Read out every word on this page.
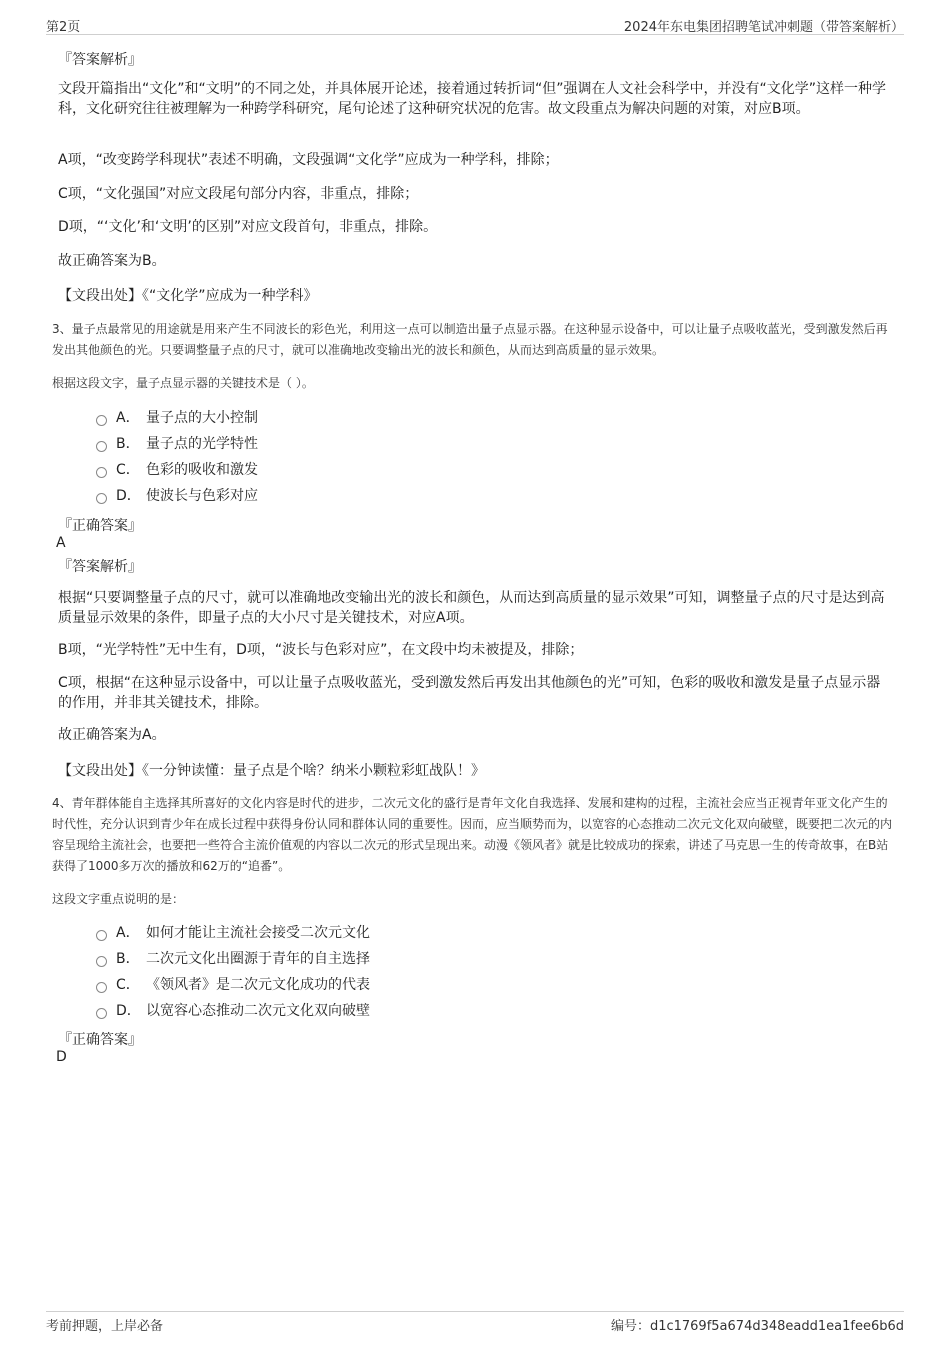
第2页	2024年东电集团招聘笔试冲刺题（带答案解析）
『答案解析』

文段开篇指出“文化”和“文明”的不同之处，并具体展开论述，接着通过转折词“但”强调在人文社会科学中，并没有“文化学”这样一种学科，文化研究往往被理解为一种跨学科研究，尾句论述了这种研究状况的危害。故文段重点为解决问题的对策，对应B项。

A项，“改变跨学科现状”表述不明确，文段强调“文化学”应成为一种学科，排除；

C项，“文化强国”对应文段尾句部分内容，非重点，排除；

D项，“‘文化’和‘文明’的区别”对应文段首句，非重点，排除。

故正确答案为B。

【文段出处】《“文化学”应成为一种学科》

3、量子点最常见的用途就是用来产生不同波长的彩色光，利用这一点可以制造出量子点显示器。在这种显示设备中，可以让量子点吸收蓝光，受到激发然后再发出其他颜色的光。只要调整量子点的尺寸，就可以准确地改变输出光的波长和颜色，从而达到高质量的显示效果。

根据这段文字，量子点显示器的关键技术是（ ）。
A． 量子点的大小控制
B． 量子点的光学特性
C． 色彩的吸收和激发
D． 使波长与色彩对应
『正确答案』
A
『答案解析』

根据“只要调整量子点的尺寸，就可以准确地改变输出光的波长和颜色，从而达到高质量的显示效果”可知，调整量子点的尺寸是达到高质量显示效果的条件，即量子点的大小尺寸是关键技术，对应A项。

B项，“光学特性”无中生有，D项，“波长与色彩对应”，在文段中均未被提及，排除；

C项，根据“在这种显示设备中，可以让量子点吸收蓝光，受到激发然后再发出其他颜色的光”可知，色彩的吸收和激发是量子点显示器的作用，并非其关键技术，排除。

故正确答案为A。

【文段出处】《一分钟读懂：量子点是个啥？纳米小颗粒彩虹战队！》

4、青年群体能自主选择其所喜好的文化内容是时代的进步，二次元文化的盛行是青年文化自我选择、发展和建构的过程，主流社会应当正视青年亚文化产生的时代性，充分认识到青少年在成长过程中获得身份认同和群体认同的重要性。因而，应当顺势而为，以宽容的心态推动二次元文化双向破壁，既要把二次元的内容呈现给主流社会，也要把一些符合主流价值观的内容以二次元的形式呈现出来。动漫《领风者》就是比较成功的探索，讲述了马克思一生的传奇故事，在B站获得了1000多万次的播放和62万的“追番”。

这段文字重点说明的是：
A． 如何才能让主流社会接受二次元文化
B． 二次元文化出圈源于青年的自主选择
C． 《领风者》是二次元文化成功的代表
D． 以宽容心态推动二次元文化双向破壁
『正确答案』
D
考前押题，上岸必备	编号：d1c1769f5a674d348eadd1ea1fee6b6d
